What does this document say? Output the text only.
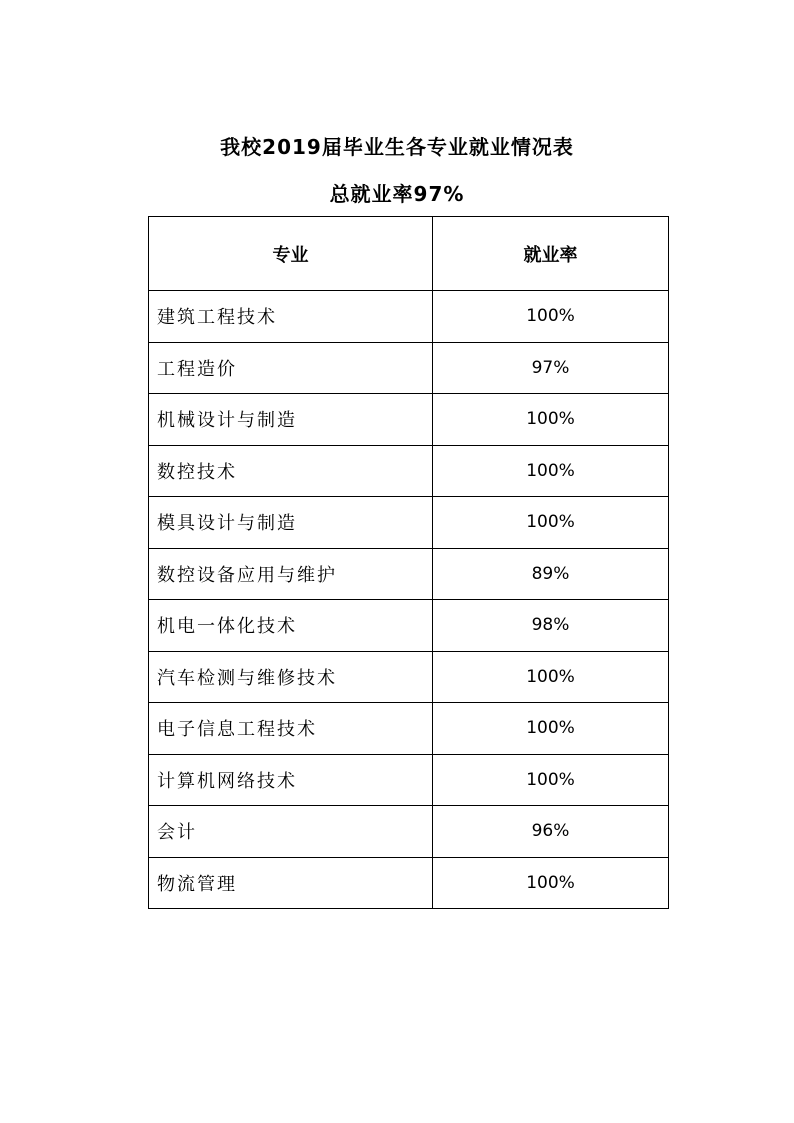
我校2019届毕业生各专业就业情况表
总就业率97%
专业	就业率
建筑工程技术	100%
工程造价	97%
机械设计与制造	100%
数控技术	100%
模具设计与制造	100%
数控设备应用与维护	89%
机电一体化技术	98%
汽车检测与维修技术	100%
电子信息工程技术	100%
计算机网络技术	100%
会计	96%
物流管理	100%
